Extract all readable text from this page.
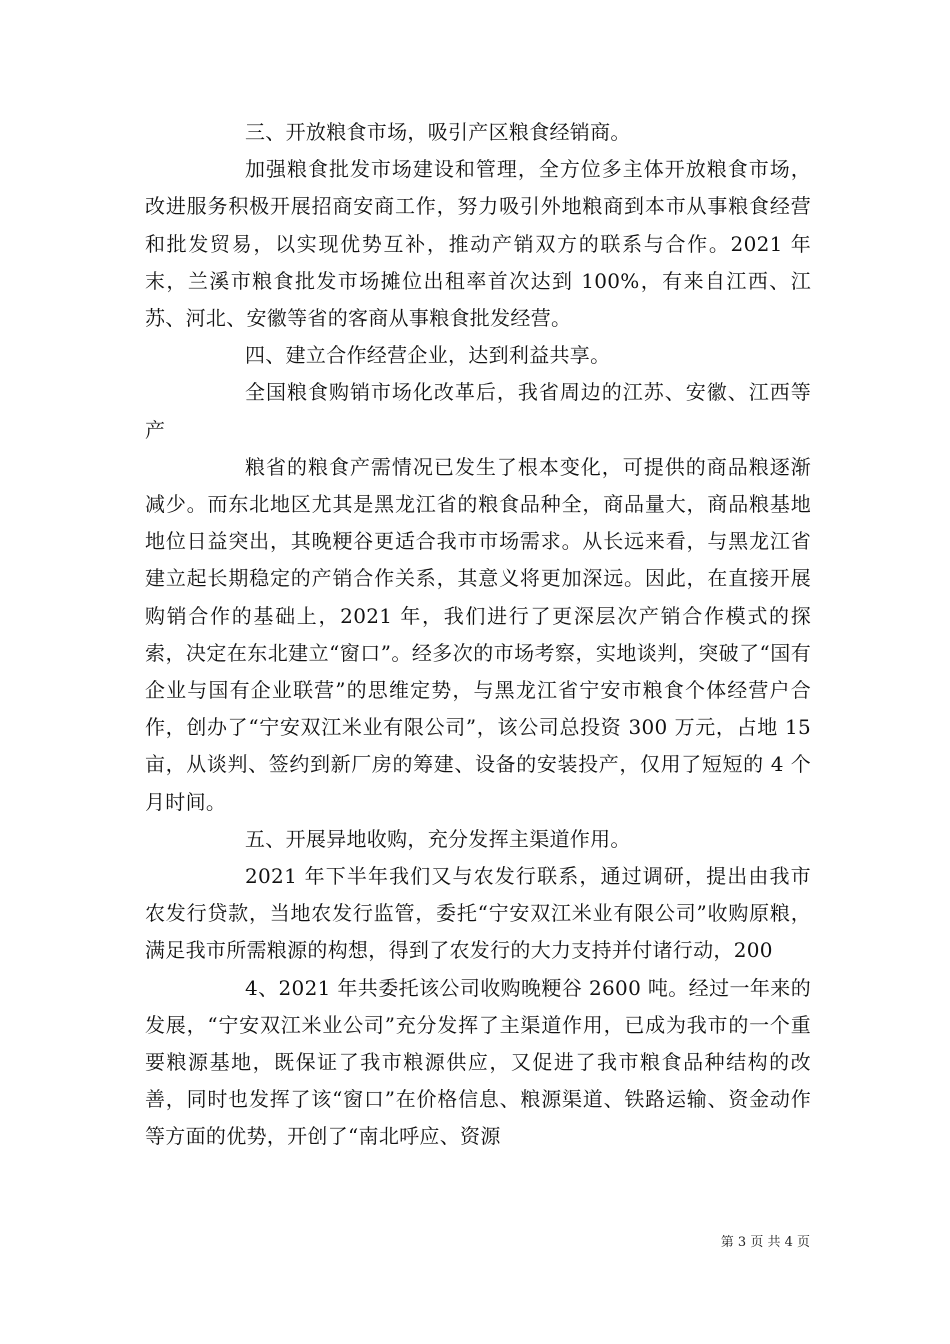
三、开放粮食市场，吸引产区粮食经销商。

加强粮食批发市场建设和管理，全方位多主体开放粮食市场，改进服务积极开展招商安商工作，努力吸引外地粮商到本市从事粮食经营和批发贸易，以实现优势互补，推动产销双方的联系与合作。2021 年末，兰溪市粮食批发市场摊位出租率首次达到 100%，有来自江西、江苏、河北、安徽等省的客商从事粮食批发经营。

四、建立合作经营企业，达到利益共享。

全国粮食购销市场化改革后，我省周边的江苏、安徽、江西等产

粮省的粮食产需情况已发生了根本变化，可提供的商品粮逐渐减少。而东北地区尤其是黑龙江省的粮食品种全，商品量大，商品粮基地地位日益突出，其晚粳谷更适合我市市场需求。从长远来看，与黑龙江省建立起长期稳定的产销合作关系，其意义将更加深远。因此，在直接开展购销合作的基础上，2021 年，我们进行了更深层次产销合作模式的探索，决定在东北建立“窗口”。经多次的市场考察，实地谈判，突破了“国有企业与国有企业联营”的思维定势，与黑龙江省宁安市粮食个体经营户合作，创办了“宁安双江米业有限公司”，该公司总投资 300 万元，占地 15 亩，从谈判、签约到新厂房的筹建、设备的安装投产，仅用了短短的 4 个月时间。

五、开展异地收购，充分发挥主渠道作用。

2021 年下半年我们又与农发行联系，通过调研，提出由我市农发行贷款，当地农发行监管，委托“宁安双江米业有限公司”收购原粮，满足我市所需粮源的构想，得到了农发行的大力支持并付诸行动，200

4、2021 年共委托该公司收购晚粳谷 2600 吨。经过一年来的发展，“宁安双江米业公司”充分发挥了主渠道作用，已成为我市的一个重要粮源基地，既保证了我市粮源供应，又促进了我市粮食品种结构的改善，同时也发挥了该“窗口”在价格信息、粮源渠道、铁路运输、资金动作等方面的优势，开创了“南北呼应、资源

第 3 页 共 4 页
